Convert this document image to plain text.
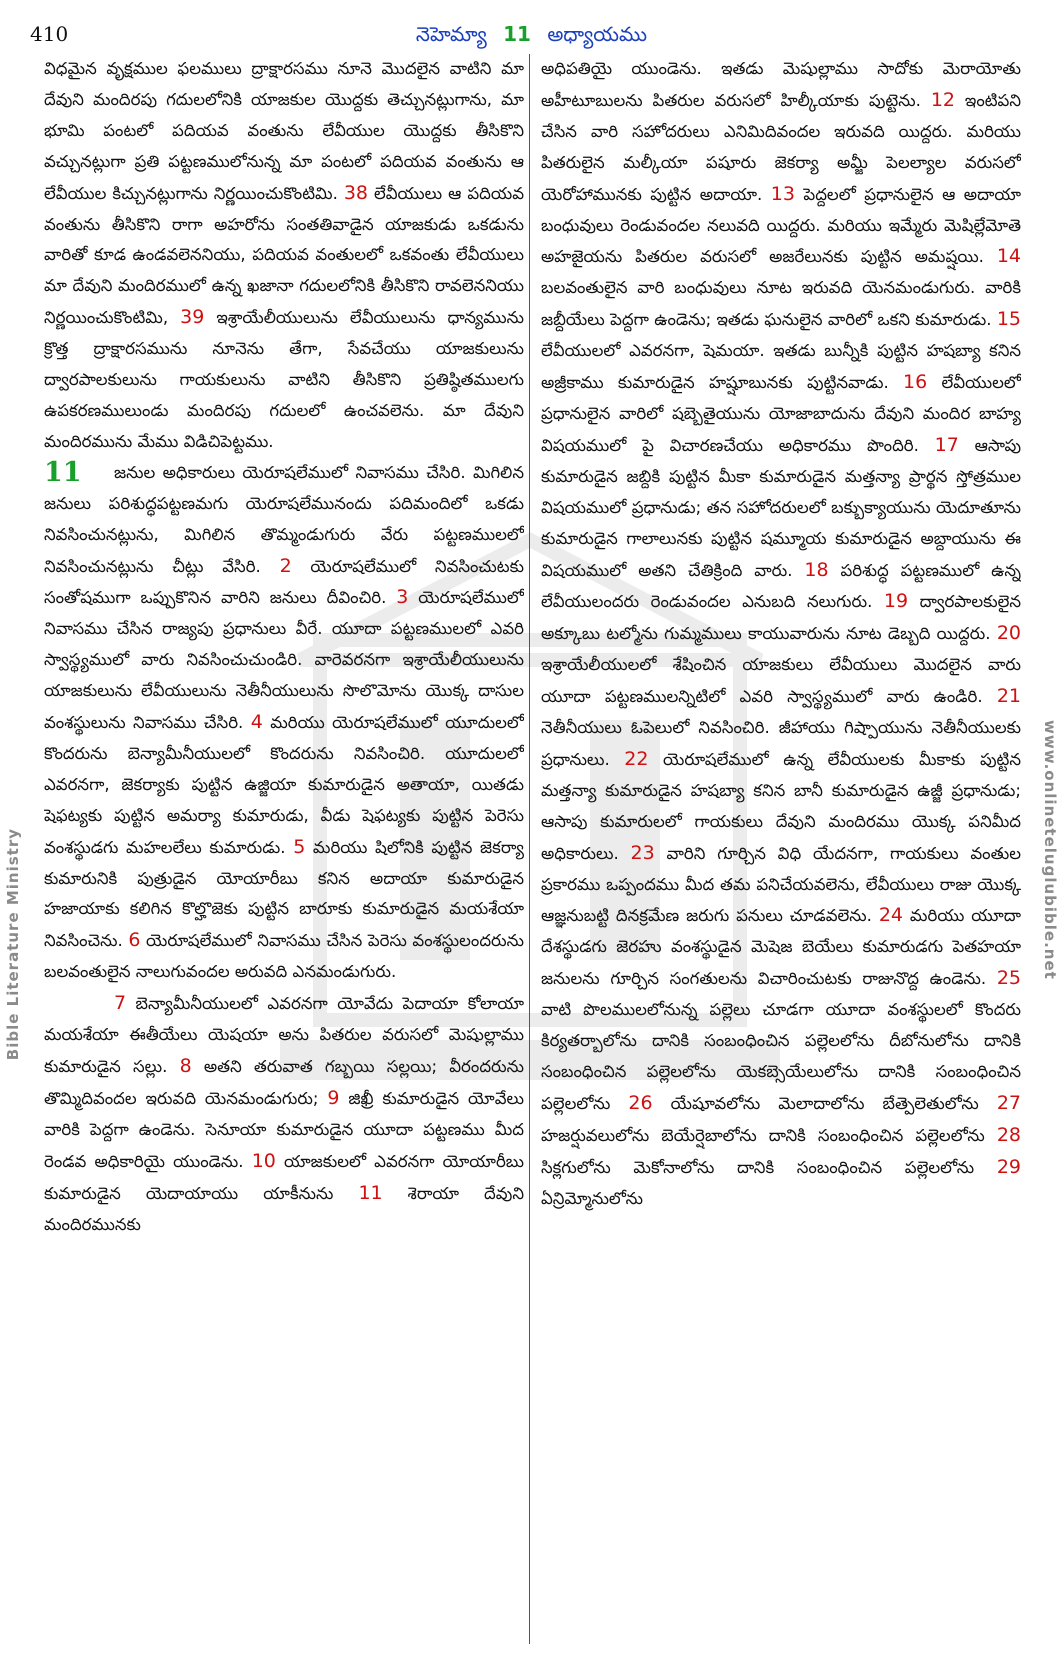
410	నెహెమ్యా 11 అధ్యాయము
Bible Literature Ministry	www.onlineteluglubible.net

విధమైన వృక్షముల ఫలములు ద్రాక్షారసము నూనె మొదలైన వాటిని మా దేవుని మందిరపు గదులలోనికి యాజకుల యొద్దకు తెచ్చునట్లుగాను, మా భూమి పంటలో పదియవ వంతును లేవీయుల యొద్దకు తీసికొని వచ్చునట్లుగా ప్రతి పట్టణములోనున్న మా పంటలో పదియవ వంతును ఆ లేవీయుల కిచ్చునట్లుగాను నిర్ణయించుకొంటిమి. 38 లేవీయులు ఆ పదియవ వంతును తీసికొని రాగా అహరోను సంతతివాడైన యాజకుడు ఒకడును వారితో కూడ ఉండవలెననియు, పదియవ వంతులలో ఒకవంతు లేవీయులు మా దేవుని మందిరములో ఉన్న ఖజానా గదులలోనికి తీసికొని రావలెననియు నిర్ణయించుకొంటిమి, 39 ఇశ్రాయేలీయులును లేవీయులును ధాన్యమును క్రొత్త ద్రాక్షారసమును నూనెను తేగా, సేవచేయు యాజకులును ద్వారపాలకులును గాయకులును వాటిని తీసికొని ప్రతిష్ఠితములగు ఉపకరణములుండు మందిరపు గదులలో ఉంచవలెను. మా దేవుని మందిరమును మేము విడిచిపెట్టము.

11	జనుల అధికారులు యెరూషలేములో నివాసము చేసిరి. మిగిలిన జనులు పరిశుద్ధపట్టణమగు యెరూషలేమునందు పదిమందిలో ఒకడు నివసించునట్లును, మిగిలిన తొమ్మండుగురు వేరు పట్టణములలో నివసించునట్లును చీట్లు వేసిరి. 2 యెరూషలేములో నివసించుటకు సంతోషముగా ఒప్పుకొనిన వారిని జనులు దీవించిరి. 3 యెరూషలేములో నివాసము చేసిన రాజ్యపు ప్రధానులు వీరే. యూదా పట్టణములలో ఎవరి స్వాస్థ్యములో వారు నివసించుచుండిరి. వారెవరనగా ఇశ్రాయేలీయులును యాజకులును లేవీయులును నెతీనీయులును సొలొమోను యొక్క దాసుల వంశస్థులును నివాసము చేసిరి. 4 మరియు యెరూషలేములో యూదులలో కొందరును బెన్యామీనీయులలో కొందరును నివసించిరి. యూదులలో ఎవరనగా, జెకర్యాకు పుట్టిన ఉజ్జియా కుమారుడైన అతాయా, యితడు షెఫట్యకు పుట్టిన అమర్యా కుమారుడు, వీడు షెఫట్యకు పుట్టిన పెరెసు వంశస్థుడగు మహలలేలు కుమారుడు. 5 మరియు షిలోనికి పుట్టిన జెకర్యా కుమారునికి పుత్రుడైన యోయారీబు కనిన అదాయా కుమారుడైన హజాయాకు కలిగిన కొల్హొజెకు పుట్టిన బారూకు కుమారుడైన మయశేయా నివసించెను. 6 యెరూషలేములో నివాసము చేసిన పెరెసు వంశస్థులందరును బలవంతులైన నాలుగువందల అరువది ఎనమండుగురు.

7 బెన్యామీనీయులలో ఎవరనగా యోవేదు పెదాయా కోలాయా మయశేయా ఈతీయేలు యెషయా అను పితరుల వరుసలో మెషుల్లాము కుమారుడైన సల్లు. 8 అతని తరువాత గబ్బయి సల్లయి; వీరందరును తొమ్మిదివందల ఇరువది యెనమండుగురు; 9 జిఖ్రీ కుమారుడైన యోవేలు వారికి పెద్దగా ఉండెను. సెనూయా కుమారుడైన యూదా పట్టణము మీద రెండవ అధికారియై యుండెను. 10 యాజకులలో ఎవరనగా యోయారీబు కుమారుడైన యెదాయాయు యాకీనును 11 శెరాయా దేవుని మందిరమునకు

అధిపతియై యుండెను. ఇతడు మెషుల్లాము సాదోకు మెరాయోతు అహీటూబులను పితరుల వరుసలో హిల్కీయాకు పుట్టెను. 12 ఇంటిపని చేసిన వారి సహోదరులు ఎనిమిదివందల ఇరువది యిద్దరు. మరియు పితరులైన మల్కీయా పషూరు జెకర్యా అమ్జీ పెలల్యాల వరుసలో యెరోహామునకు పుట్టిన అదాయా. 13 పెద్దలలో ప్రధానులైన ఆ అదాయా బంధువులు రెండువందల నలువది యిద్దరు. మరియు ఇమ్మేరు మెషిల్లేమోతె అహజైయను పితరుల వరుసలో అజరేలునకు పుట్టిన అమష్షయి. 14 బలవంతులైన వారి బంధువులు నూట ఇరువది యెనమండుగురు. వారికి జబ్దీయేలు పెద్దగా ఉండెను; ఇతడు ఘనులైన వారిలో ఒకని కుమారుడు. 15 లేవీయులలో ఎవరనగా, షెమయా. ఇతడు బున్నీకి పుట్టిన హషబ్యా కనిన అజ్రీకాము కుమారుడైన హష్షూబునకు పుట్టినవాడు. 16 లేవీయులలో ప్రధానులైన వారిలో షబ్బెతైయును యోజాబాదును దేవుని మందిర బాహ్య విషయములో పై విచారణచేయు అధికారము పొందిరి. 17 ఆసాపు కుమారుడైన జబ్దికి పుట్టిన మీకా కుమారుడైన మత్తన్యా ప్రార్థన స్తోత్రముల విషయములో ప్రధానుడు; తన సహోదరులలో బక్బుక్యాయును యెదూతూను కుమారుడైన గాలాలునకు పుట్టిన షమ్మూయ కుమారుడైన అబ్దాయును ఈ విషయములో అతని చేతిక్రింది వారు. 18 పరిశుద్ధ పట్టణములో ఉన్న లేవీయులందరు రెండువందల ఎనుబది నలుగురు. 19 ద్వారపాలకులైన అక్కూబు టల్మోను గుమ్మములు కాయువారును నూట డెబ్బది యిద్దరు. 20 ఇశ్రాయేలీయులలో శేషించిన యాజకులు లేవీయులు మొదలైన వారు యూదా పట్టణములన్నిటిలో ఎవరి స్వాస్థ్యములో వారు ఉండిరి. 21 నెతీనీయులు ఓపెలులో నివసించిరి. జీహాయు గిష్పాయును నెతీనీయులకు ప్రధానులు. 22 యెరూషలేములో ఉన్న లేవీయులకు మీకాకు పుట్టిన మత్తన్యా కుమారుడైన హషబ్యా కనిన బానీ కుమారుడైన ఉజ్జీ ప్రధానుడు; ఆసాపు కుమారులలో గాయకులు దేవుని మందిరము యొక్క పనిమీద అధికారులు. 23 వారిని గూర్చిన విధి యేదనగా, గాయకులు వంతుల ప్రకారము ఒప్పందము మీద తమ పనిచేయవలెను, లేవీయులు రాజు యొక్క ఆజ్ఞనుబట్టి దినక్రమేణ జరుగు పనులు చూడవలెను. 24 మరియు యూదా దేశస్థుడగు జెరహు వంశస్థుడైన మెషెజ బెయేలు కుమారుడగు పెతహయా జనులను గూర్చిన సంగతులను విచారించుటకు రాజునొద్ద ఉండెను. 25 వాటి పొలములలోనున్న పల్లెలు చూడగా యూదా వంశస్థులలో కొందరు కిర్యతర్బాలోను దానికి సంబంధించిన పల్లెలలోను దీబోనులోను దానికి సంబంధించిన పల్లెలలోను యెకబ్సెయేలులోను దానికి సంబంధించిన పల్లెలలోను 26 యేషూవలోను మెలాదాలోను బేత్పెలెతులోను 27 హజర్షువలులోను బెయేర్షెబాలోను దానికి సంబంధించిన పల్లెలలోను 28 సిక్లగులోను మెకోనాలోను దానికి సంబంధించిన పల్లెలలోను 29 ఏన్రిమ్మోనులోను
